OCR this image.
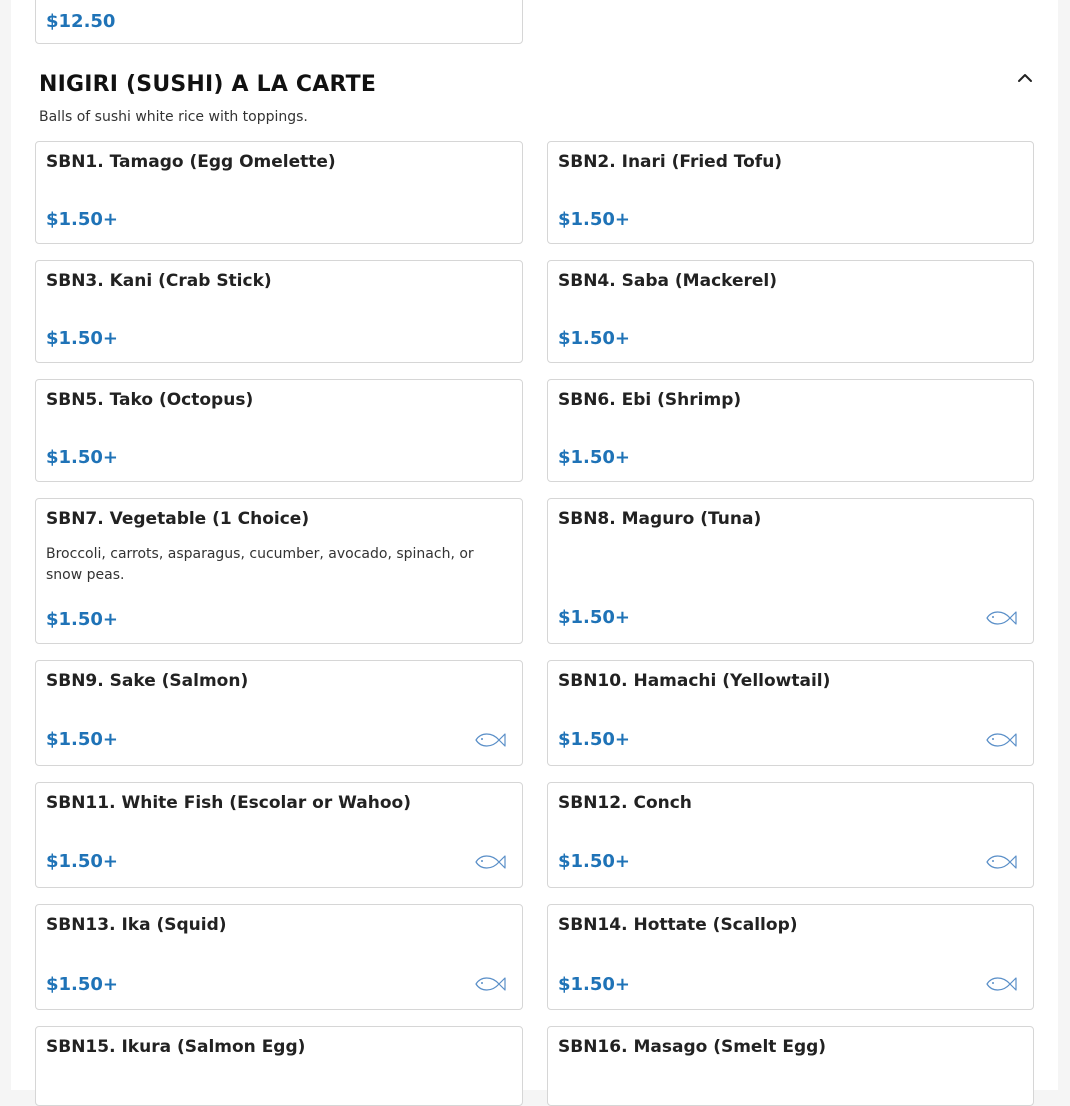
$12.50
NIGIRI (SUSHI) A LA CARTE
Balls of sushi white rice with toppings.
SBN1. Tamago (Egg Omelette)
$1.50+
SBN2. Inari (Fried Tofu)
$1.50+
SBN3. Kani (Crab Stick)
$1.50+
SBN4. Saba (Mackerel)
$1.50+
SBN5. Tako (Octopus)
$1.50+
SBN6. Ebi (Shrimp)
$1.50+
SBN7. Vegetable (1 Choice)
Broccoli, carrots, asparagus, cucumber, avocado, spinach, or snow peas.
$1.50+
SBN8. Maguro (Tuna)
$1.50+
SBN9. Sake (Salmon)
$1.50+
SBN10. Hamachi (Yellowtail)
$1.50+
SBN11. White Fish (Escolar or Wahoo)
$1.50+
SBN12. Conch
$1.50+
SBN13. Ika (Squid)
$1.50+
SBN14. Hottate (Scallop)
$1.50+
SBN15. Ikura (Salmon Egg)	SBN16. Masago (Smelt Egg)
